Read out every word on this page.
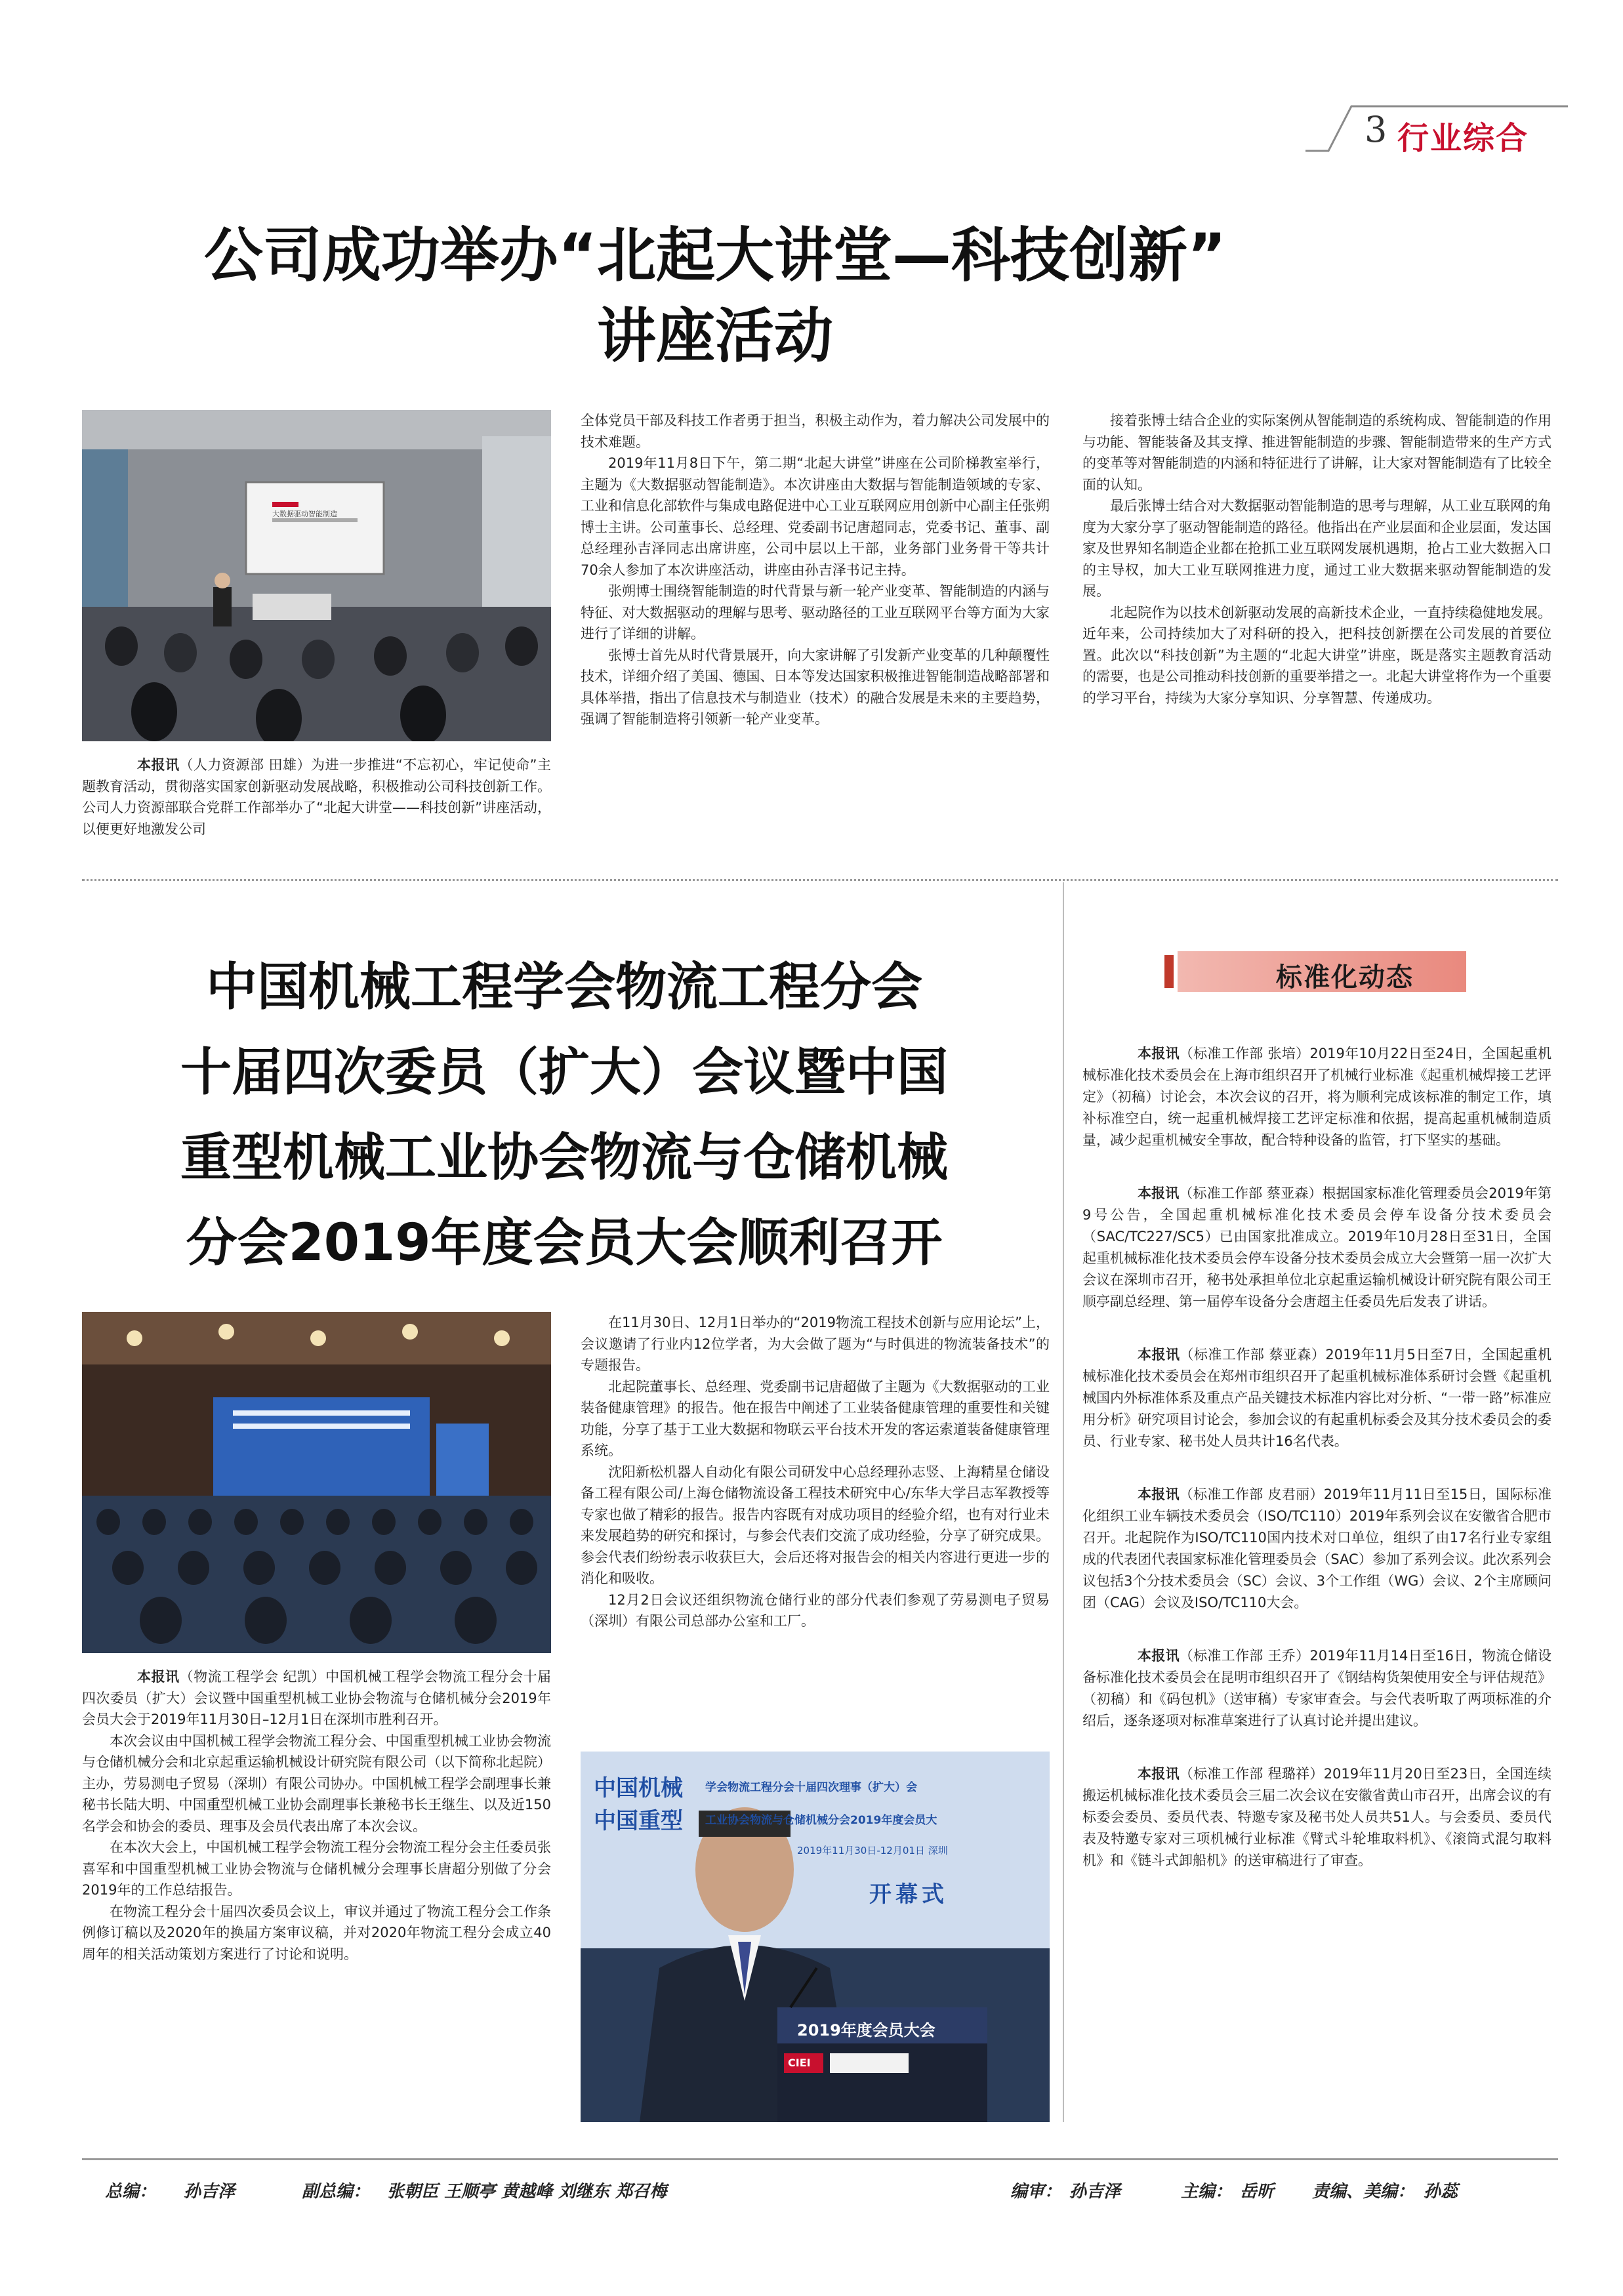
3 行业综合
公司成功举办“北起大讲堂—科技创新”
讲座活动
大数据驱动智能制造

本报讯（人力资源部 田雄）为进一步推进“不忘初心，牢记使命”主题教育活动，贯彻落实国家创新驱动发展战略，积极推动公司科技创新工作。公司人力资源部联合党群工作部举办了“北起大讲堂——科技创新”讲座活动，以便更好地激发公司

全体党员干部及科技工作者勇于担当，积极主动作为，着力解决公司发展中的技术难题。

2019年11月8日下午，第二期“北起大讲堂”讲座在公司阶梯教室举行，主题为《大数据驱动智能制造》。本次讲座由大数据与智能制造领域的专家、工业和信息化部软件与集成电路促进中心工业互联网应用创新中心副主任张朔博士主讲。公司董事长、总经理、党委副书记唐超同志，党委书记、董事、副总经理孙吉泽同志出席讲座，公司中层以上干部，业务部门业务骨干等共计70余人参加了本次讲座活动，讲座由孙吉泽书记主持。

张朔博士围绕智能制造的时代背景与新一轮产业变革、智能制造的内涵与特征、对大数据驱动的理解与思考、驱动路径的工业互联网平台等方面为大家进行了详细的讲解。

张博士首先从时代背景展开，向大家讲解了引发新产业变革的几种颠覆性技术，详细介绍了美国、德国、日本等发达国家积极推进智能制造战略部署和具体举措，指出了信息技术与制造业（技术）的融合发展是未来的主要趋势，强调了智能制造将引领新一轮产业变革。

接着张博士结合企业的实际案例从智能制造的系统构成、智能制造的作用与功能、智能装备及其支撑、推进智能制造的步骤、智能制造带来的生产方式的变革等对智能制造的内涵和特征进行了讲解，让大家对智能制造有了比较全面的认知。

最后张博士结合对大数据驱动智能制造的思考与理解，从工业互联网的角度为大家分享了驱动智能制造的路径。他指出在产业层面和企业层面，发达国家及世界知名制造企业都在抢抓工业互联网发展机遇期，抢占工业大数据入口的主导权，加大工业互联网推进力度，通过工业大数据来驱动智能制造的发展。

北起院作为以技术创新驱动发展的高新技术企业，一直持续稳健地发展。近年来，公司持续加大了对科研的投入，把科技创新摆在公司发展的首要位置。此次以“科技创新”为主题的“北起大讲堂”讲座，既是落实主题教育活动的需要，也是公司推动科技创新的重要举措之一。北起大讲堂将作为一个重要的学习平台，持续为大家分享知识、分享智慧、传递成功。

中国机械工程学会物流工程分会
十届四次委员（扩大）会议暨中国
重型机械工业协会物流与仓储机械
分会2019年度会员大会顺利召开

本报讯（物流工程学会 纪凯）中国机械工程学会物流工程分会十届四次委员（扩大）会议暨中国重型机械工业协会物流与仓储机械分会2019年会员大会于2019年11月30日–12月1日在深圳市胜利召开。

本次会议由中国机械工程学会物流工程分会、中国重型机械工业协会物流与仓储机械分会和北京起重运输机械设计研究院有限公司（以下简称北起院）主办，劳易测电子贸易（深圳）有限公司协办。中国机械工程学会副理事长兼秘书长陆大明、中国重型机械工业协会副理事长兼秘书长王继生、以及近150名学会和协会的委员、理事及会员代表出席了本次会议。

在本次大会上，中国机械工程学会物流工程分会物流工程分会主任委员张喜军和中国重型机械工业协会物流与仓储机械分会理事长唐超分别做了分会2019年的工作总结报告。

在物流工程分会十届四次委员会议上，审议并通过了物流工程分会工作条例修订稿以及2020年的换届方案审议稿，并对2020年物流工程分会成立40周年的相关活动策划方案进行了讨论和说明。

在11月30日、12月1日举办的“2019物流工程技术创新与应用论坛”上，会议邀请了行业内12位学者，为大会做了题为“与时俱进的物流装备技术”的专题报告。

北起院董事长、总经理、党委副书记唐超做了主题为《大数据驱动的工业装备健康管理》的报告。他在报告中阐述了工业装备健康管理的重要性和关键功能，分享了基于工业大数据和物联云平台技术开发的客运索道装备健康管理系统。

沈阳新松机器人自动化有限公司研发中心总经理孙志竖、上海精星仓储设备工程有限公司/上海仓储物流设备工程技术研究中心/东华大学吕志军教授等专家也做了精彩的报告。报告内容既有对成功项目的经验介绍，也有对行业未来发展趋势的研究和探讨，与参会代表们交流了成功经验，分享了研究成果。参会代表们纷纷表示收获巨大，会后还将对报告会的相关内容进行更进一步的消化和吸收。

12月2日会议还组织物流仓储行业的部分代表们参观了劳易测电子贸易（深圳）有限公司总部办公室和工厂。

中国机械 学会物流工程分会十届四次理事（扩大）会
中国重型 工业协会物流与仓储机械分会2019年度会员大
2019年11月30日-12月01日 深圳
开幕式
2019年度会员大会
CIEI
标准化动态

本报讯（标准工作部 张培）2019年10月22日至24日，全国起重机械标准化技术委员会在上海市组织召开了机械行业标准《起重机械焊接工艺评定》（初稿）讨论会，本次会议的召开，将为顺利完成该标准的制定工作，填补标准空白，统一起重机械焊接工艺评定标准和依据，提高起重机械制造质量，减少起重机械安全事故，配合特种设备的监管，打下坚实的基础。

本报讯（标准工作部 蔡亚森）根据国家标准化管理委员会2019年第9号公告，全国起重机械标准化技术委员会停车设备分技术委员会（SAC/TC227/SC5）已由国家批准成立。2019年10月28日至31日，全国起重机械标准化技术委员会停车设备分技术委员会成立大会暨第一届一次扩大会议在深圳市召开，秘书处承担单位北京起重运输机械设计研究院有限公司王顺亭副总经理、第一届停车设备分会唐超主任委员先后发表了讲话。

本报讯（标准工作部 蔡亚森）2019年11月5日至7日，全国起重机械标准化技术委员会在郑州市组织召开了起重机械标准体系研讨会暨《起重机械国内外标准体系及重点产品关键技术标准内容比对分析、“一带一路”标准应用分析》研究项目讨论会，参加会议的有起重机标委会及其分技术委员会的委员、行业专家、秘书处人员共计16名代表。

本报讯（标准工作部 皮君丽）2019年11月11日至15日，国际标准化组织工业车辆技术委员会（ISO/TC110）2019年系列会议在安徽省合肥市召开。北起院作为ISO/TC110国内技术对口单位，组织了由17名行业专家组成的代表团代表国家标准化管理委员会（SAC）参加了系列会议。此次系列会议包括3个分技术委员会（SC）会议、3个工作组（WG）会议、2个主席顾问团（CAG）会议及ISO/TC110大会。

本报讯（标准工作部 王乔）2019年11月14日至16日，物流仓储设备标准化技术委员会在昆明市组织召开了《钢结构货架使用安全与评估规范》（初稿）和《码包机》（送审稿）专家审查会。与会代表听取了两项标准的介绍后，逐条逐项对标准草案进行了认真讨论并提出建议。

本报讯（标准工作部 程璐祥）2019年11月20日至23日，全国连续搬运机械标准化技术委员会三届二次会议在安徽省黄山市召开，出席会议的有标委会委员、委员代表、特邀专家及秘书处人员共51人。与会委员、委员代表及特邀专家对三项机械行业标准《臂式斗轮堆取料机》、《滚筒式混匀取料机》和《链斗式卸船机》的送审稿进行了审查。

总编： 孙吉泽	副总编： 张朝臣 王顺亭 黄越峰 刘继东 郑召梅	编审： 孙吉泽	主编： 岳昕 责编、美编： 孙蕊
